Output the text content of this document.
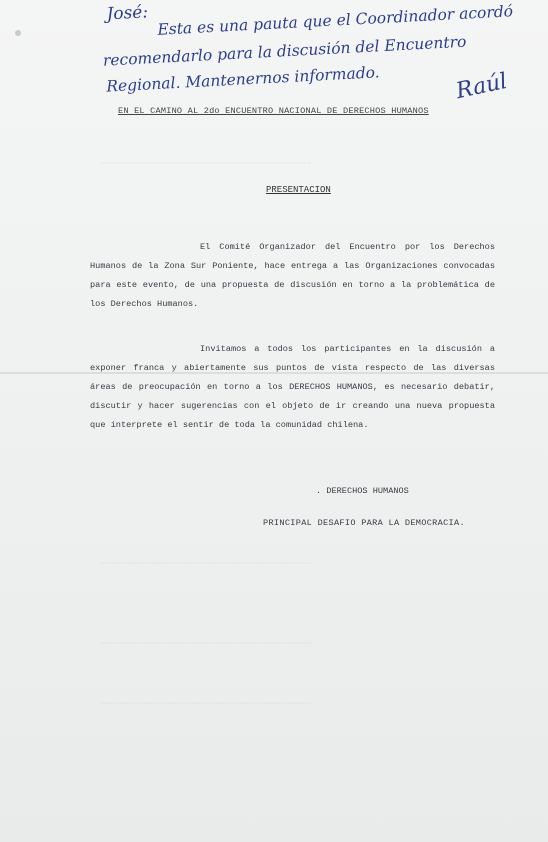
~~~~~~~~~~~~~~~~~~~~~~~~~~~~~~~~~~~~~~~~~~~~
~~~~~~~~~~~~~~~~~~~~~~~~~~~~~~~~~~~~~~~~~~~~
~~~~~~~~~~~~~~~~~~~~~~~~~~~~~~~~~~~~~~~~~~~~
~~~~~~~~~~~~~~~~~~~~~~~~~~~~~~~~~~~~~~~~~~~~
José: Esta es una pauta que el Coordinador acordó
recomendarlo para la discusión del Encuentro
Regional. Mantenernos informado.	Raúl
EN EL CAMINO AL 2do ENCUENTRO NACIONAL DE DERECHOS HUMANOS
PRESENTACION

El Comité Organizador del Encuentro por los Derechos Humanos de la Zona Sur Poniente, hace entrega a las Organizaciones convocadas para este evento, de una propuesta de discusión en torno a la problemática de los Derechos Humanos.

Invitamos a todos los participantes en la discusión a exponer franca y abiertamente sus puntos de vista respecto de las diversas áreas de preocupación en torno a los DERECHOS HUMANOS, es necesario debatir, discutir y hacer sugerencias con el objeto de ir creando una nueva propuesta que interprete el sentir de toda la comunidad chilena.

. DERECHOS HUMANOS
PRINCIPAL DESAFIO PARA LA DEMOCRACIA.
